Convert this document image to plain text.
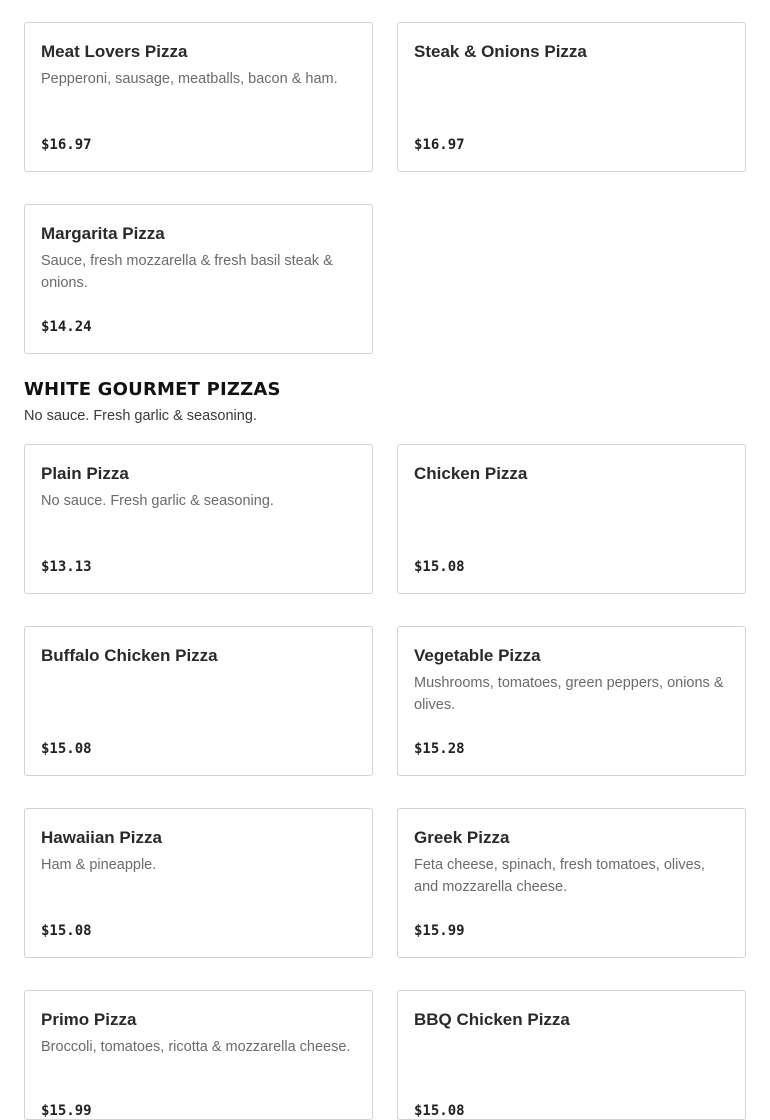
Meat Lovers Pizza
Pepperoni, sausage, meatballs, bacon & ham.
$16.97
Steak & Onions Pizza
$16.97
Margarita Pizza
Sauce, fresh mozzarella & fresh basil steak & onions.
$14.24
WHITE GOURMET PIZZAS
No sauce. Fresh garlic & seasoning.
Plain Pizza
No sauce. Fresh garlic & seasoning.
$13.13
Chicken Pizza
$15.08
Buffalo Chicken Pizza
$15.08
Vegetable Pizza
Mushrooms, tomatoes, green peppers, onions & olives.
$15.28
Hawaiian Pizza
Ham & pineapple.
$15.08
Greek Pizza
Feta cheese, spinach, fresh tomatoes, olives, and mozzarella cheese.
$15.99
Primo Pizza
Broccoli, tomatoes, ricotta & mozzarella cheese.
$15.99
BBQ Chicken Pizza
$15.08
